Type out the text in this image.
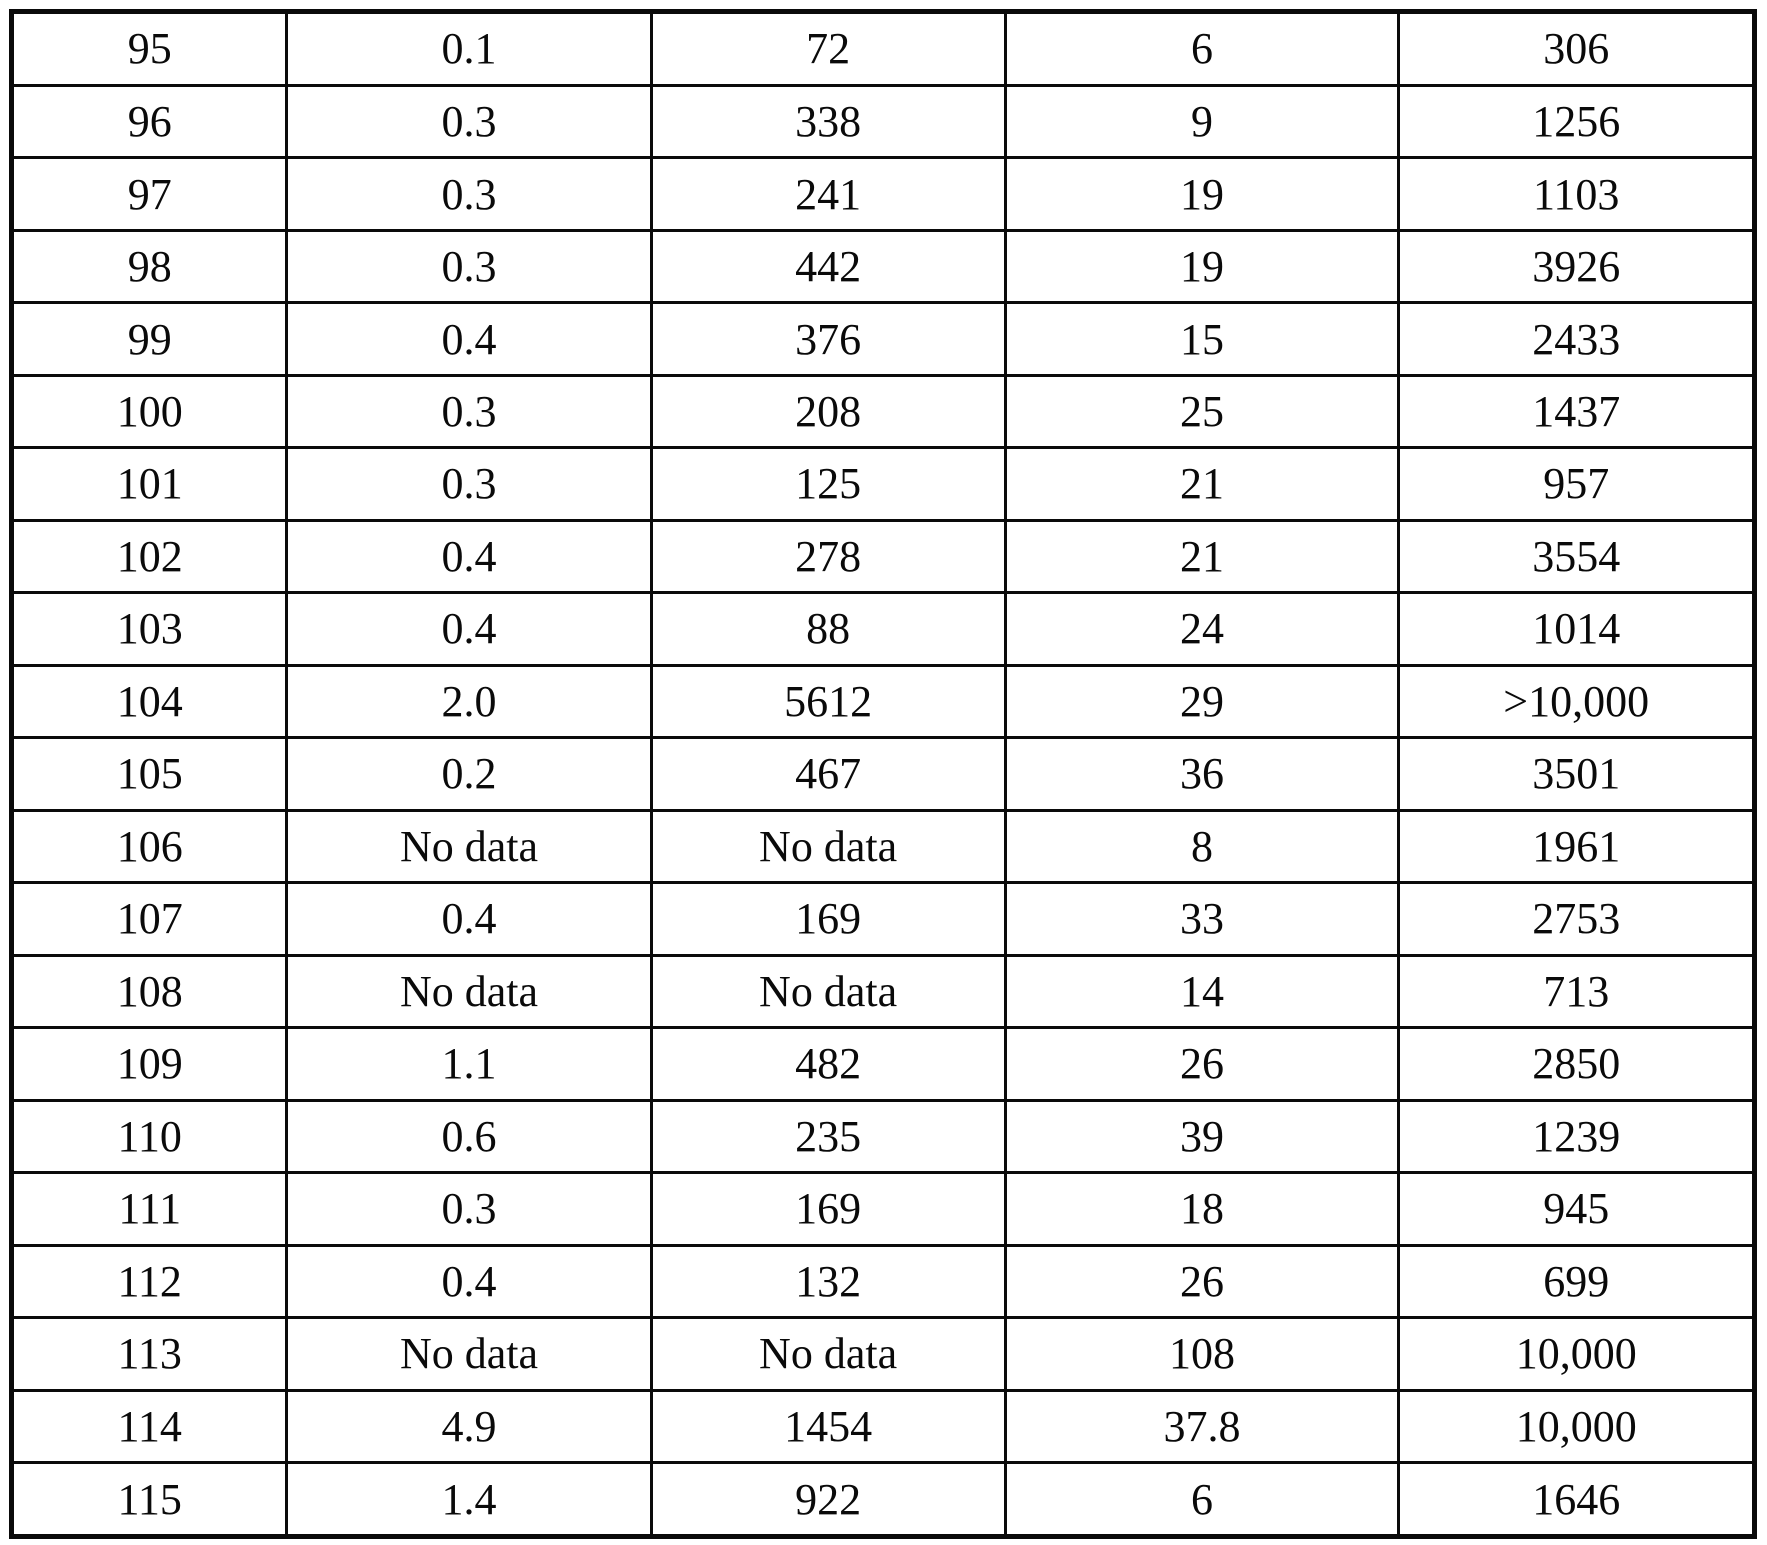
95	0.1	72	6	306
96	0.3	338	9	1256
97	0.3	241	19	1103
98	0.3	442	19	3926
99	0.4	376	15	2433
100	0.3	208	25	1437
101	0.3	125	21	957
102	0.4	278	21	3554
103	0.4	88	24	1014
104	2.0	5612	29	>10,000
105	0.2	467	36	3501
106	No data	No data	8	1961
107	0.4	169	33	2753
108	No data	No data	14	713
109	1.1	482	26	2850
110	0.6	235	39	1239
111	0.3	169	18	945
112	0.4	132	26	699
113	No data	No data	108	10,000
114	4.9	1454	37.8	10,000
115	1.4	922	6	1646
